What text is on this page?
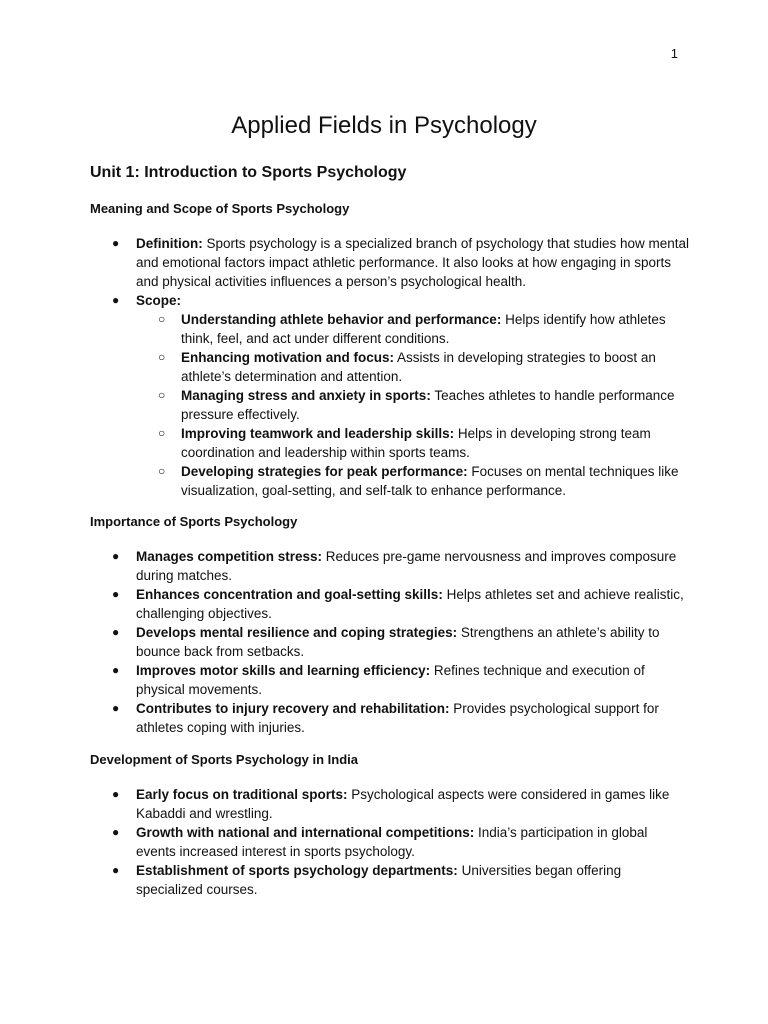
1
Applied Fields in Psychology
Unit 1: Introduction to Sports Psychology
Meaning and Scope of Sports Psychology
● Definition: Sports psychology is a specialized branch of psychology that studies how mental and emotional factors impact athletic performance. It also looks at how engaging in sports and physical activities influences a person’s psychological health.
● Scope:
○ Understanding athlete behavior and performance: Helps identify how athletes think, feel, and act under different conditions.
○ Enhancing motivation and focus: Assists in developing strategies to boost an athlete’s determination and attention.
○ Managing stress and anxiety in sports: Teaches athletes to handle performance pressure effectively.
○ Improving teamwork and leadership skills: Helps in developing strong team coordination and leadership within sports teams.
○ Developing strategies for peak performance: Focuses on mental techniques like visualization, goal-setting, and self-talk to enhance performance.
Importance of Sports Psychology
● Manages competition stress: Reduces pre-game nervousness and improves composure during matches.
● Enhances concentration and goal-setting skills: Helps athletes set and achieve realistic, challenging objectives.
● Develops mental resilience and coping strategies: Strengthens an athlete’s ability to bounce back from setbacks.
● Improves motor skills and learning efficiency: Refines technique and execution of physical movements.
● Contributes to injury recovery and rehabilitation: Provides psychological support for athletes coping with injuries.
Development of Sports Psychology in India
● Early focus on traditional sports: Psychological aspects were considered in games like Kabaddi and wrestling.
● Growth with national and international competitions: India’s participation in global events increased interest in sports psychology.
● Establishment of sports psychology departments: Universities began offering specialized courses.
